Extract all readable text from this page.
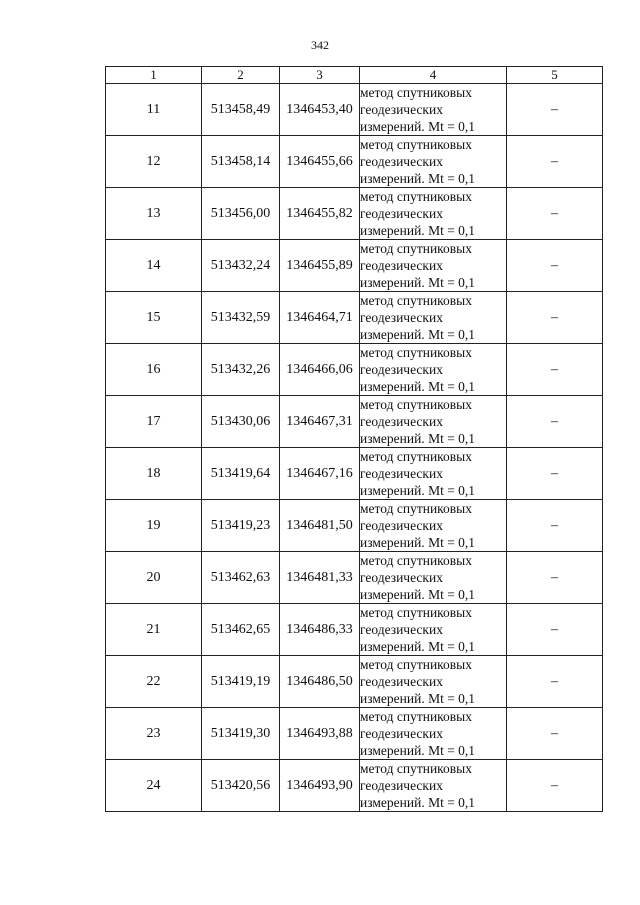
342
1	2	3	4	5
11	513458,49	1346453,40	метод спутниковых
геодезических
измерений. Mt = 0,1	–
12	513458,14	1346455,66	метод спутниковых
геодезических
измерений. Mt = 0,1	–
13	513456,00	1346455,82	метод спутниковых
геодезических
измерений. Mt = 0,1	–
14	513432,24	1346455,89	метод спутниковых
геодезических
измерений. Mt = 0,1	–
15	513432,59	1346464,71	метод спутниковых
геодезических
измерений. Mt = 0,1	–
16	513432,26	1346466,06	метод спутниковых
геодезических
измерений. Mt = 0,1	–
17	513430,06	1346467,31	метод спутниковых
геодезических
измерений. Mt = 0,1	–
18	513419,64	1346467,16	метод спутниковых
геодезических
измерений. Mt = 0,1	–
19	513419,23	1346481,50	метод спутниковых
геодезических
измерений. Mt = 0,1	–
20	513462,63	1346481,33	метод спутниковых
геодезических
измерений. Mt = 0,1	–
21	513462,65	1346486,33	метод спутниковых
геодезических
измерений. Mt = 0,1	–
22	513419,19	1346486,50	метод спутниковых
геодезических
измерений. Mt = 0,1	–
23	513419,30	1346493,88	метод спутниковых
геодезических
измерений. Mt = 0,1	–
24	513420,56	1346493,90	метод спутниковых
геодезических
измерений. Mt = 0,1	–
